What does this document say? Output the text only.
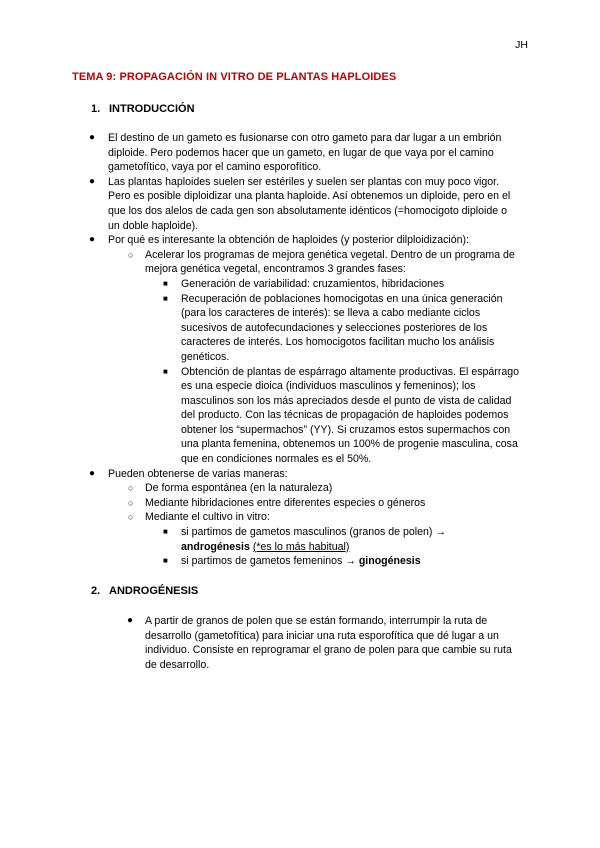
JH
TEMA 9: PROPAGACIÓN IN VITRO DE PLANTAS HAPLOIDES
1. INTRODUCCIÓN
● El destino de un gameto es fusionarse con otro gameto para dar lugar a un embrión diploide. Pero podemos hacer que un gameto, en lugar de que vaya por el camino gametofítico, vaya por el camino esporofítico.
● Las plantas haploides suelen ser estériles y suelen ser plantas con muy poco vigor. Pero es posible diploidizar una planta haploide. Así obtenemos un diploide, pero en el que los dos alelos de cada gen son absolutamente idénticos (=homocigoto diploide o un doble haploide).
● Por qué es interesante la obtención de haploides (y posterior dilploidización):
○ Acelerar los programas de mejora genética vegetal. Dentro de un programa de mejora genética vegetal, encontramos 3 grandes fases:
■ Generación de variabilidad: cruzamientos, hibridaciones
■ Recuperación de poblaciones homocigotas en una única generación (para los caracteres de interés): se lleva a cabo mediante ciclos sucesivos de autofecundaciones y selecciones posteriores de los caracteres de interés. Los homocigotos facilitan mucho los análisis genéticos.
■ Obtención de plantas de espárrago altamente productivas. El espárrago es una especie dioica (individuos masculinos y femeninos); los masculinos son los más apreciados desde el punto de vista de calidad del producto. Con las técnicas de propagación de haploides podemos obtener los “supermachos” (YY). Si cruzamos estos supermachos con una planta femenina, obtenemos un 100% de progenie masculina, cosa que en condiciones normales es el 50%.
● Pueden obtenerse de varias maneras:
○ De forma espontánea (en la naturaleza)
○ Mediante hibridaciones entre diferentes especies o géneros
○ Mediante el cultivo in vitro:
■ si partimos de gametos masculinos (granos de polen) →
androgénesis (*es lo más habitual)
■ si partimos de gametos femeninos → ginogénesis
2. ANDROGÉNESIS
● A partir de granos de polen que se están formando, interrumpir la ruta de desarrollo (gametofítica) para iniciar una ruta esporofítica que dé lugar a un individuo. Consiste en reprogramar el grano de polen para que cambie su ruta de desarrollo.
